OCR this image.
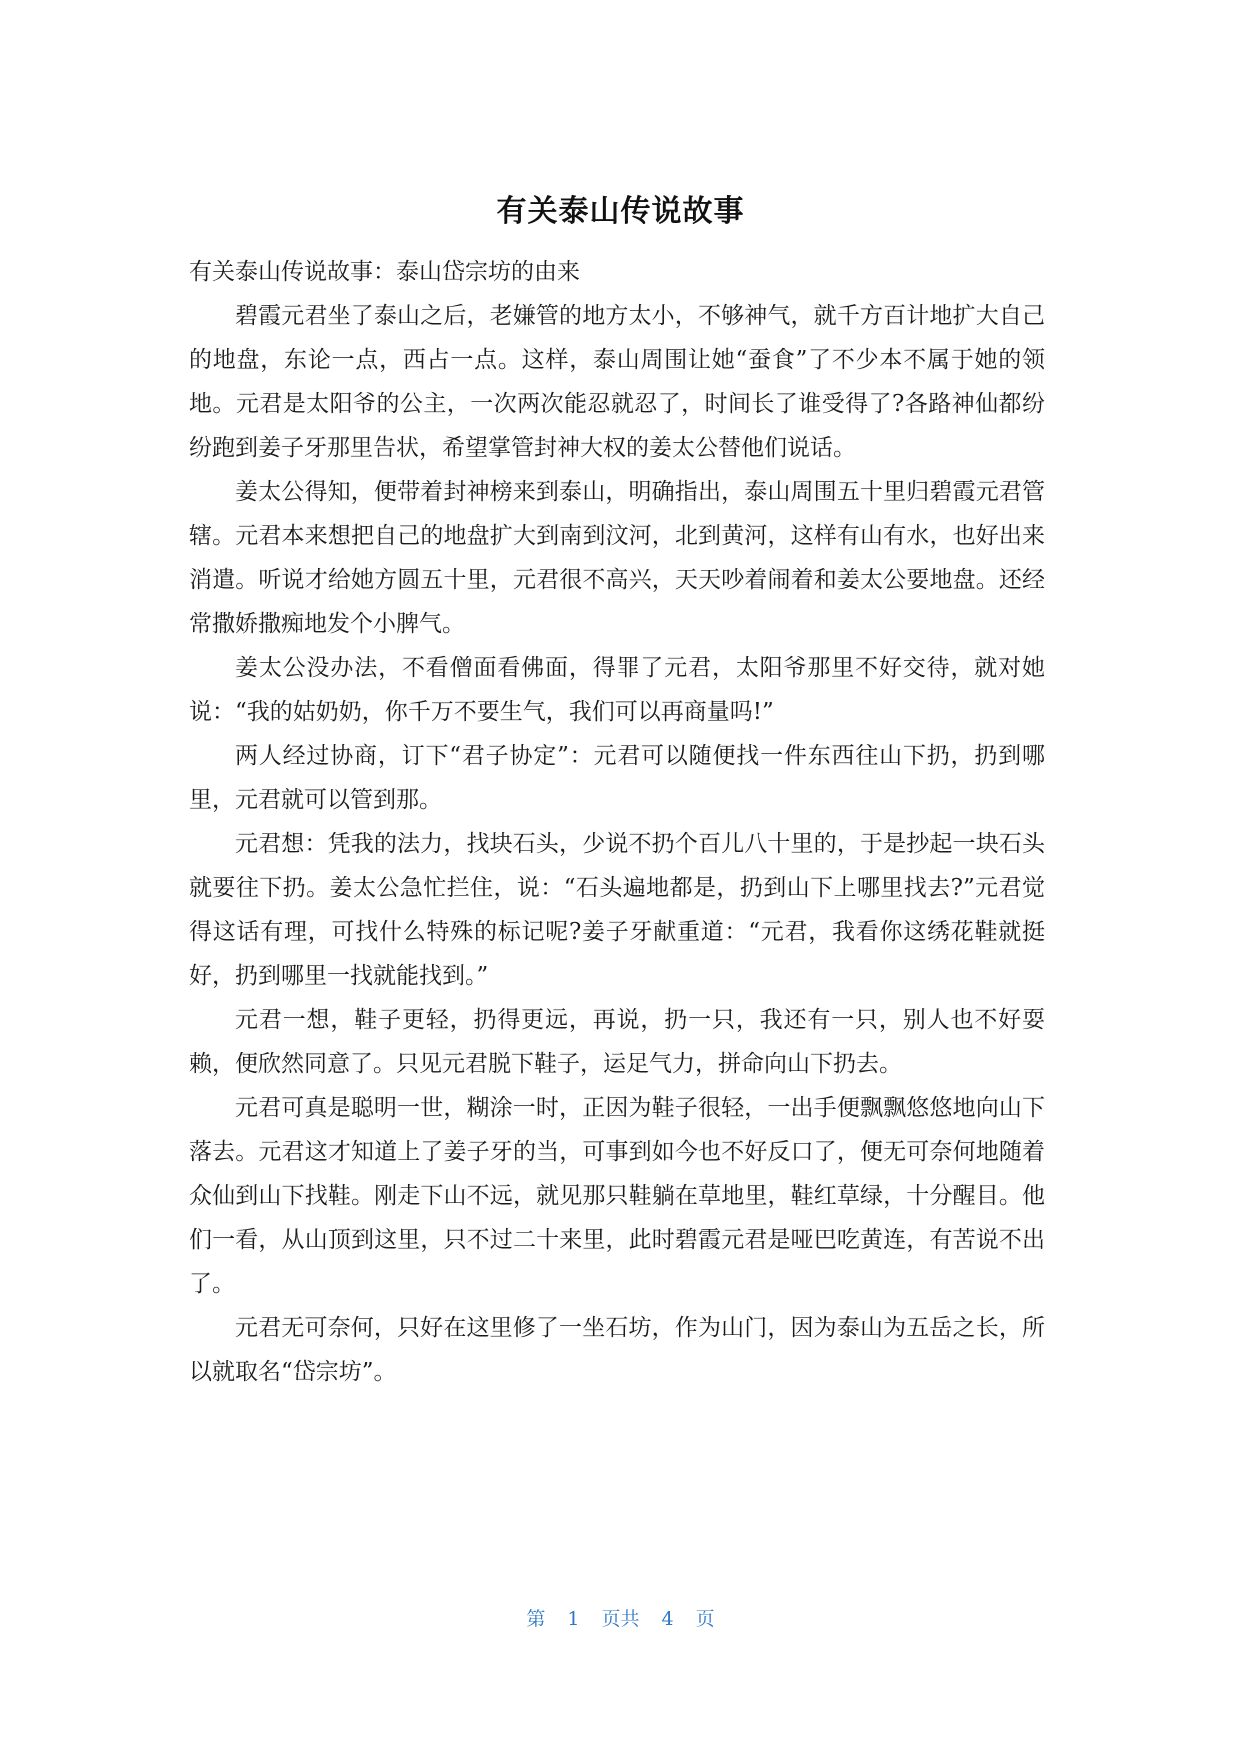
有关泰山传说故事

有关泰山传说故事：泰山岱宗坊的由来

碧霞元君坐了泰山之后，老嫌管的地方太小，不够神气，就千方百计地扩大自己的地盘，东论一点，西占一点。这样，泰山周围让她“蚕食”了不少本不属于她的领地。元君是太阳爷的公主，一次两次能忍就忍了，时间长了谁受得了?各路神仙都纷纷跑到姜子牙那里告状，希望掌管封神大权的姜太公替他们说话。

姜太公得知，便带着封神榜来到泰山，明确指出，泰山周围五十里归碧霞元君管辖。元君本来想把自己的地盘扩大到南到汶河，北到黄河，这样有山有水，也好出来消遣。听说才给她方圆五十里，元君很不高兴，天天吵着闹着和姜太公要地盘。还经常撒娇撒痴地发个小脾气。

姜太公没办法，不看僧面看佛面，得罪了元君，太阳爷那里不好交待，就对她说：“我的姑奶奶，你千万不要生气，我们可以再商量吗!”

两人经过协商，订下“君子协定”：元君可以随便找一件东西往山下扔，扔到哪里，元君就可以管到那。

元君想：凭我的法力，找块石头，少说不扔个百儿八十里的，于是抄起一块石头就要往下扔。姜太公急忙拦住，说：“石头遍地都是，扔到山下上哪里找去?”元君觉得这话有理，可找什么特殊的标记呢?姜子牙献重道：“元君，我看你这绣花鞋就挺好，扔到哪里一找就能找到。”

元君一想，鞋子更轻，扔得更远，再说，扔一只，我还有一只，别人也不好耍赖，便欣然同意了。只见元君脱下鞋子，运足气力，拼命向山下扔去。

元君可真是聪明一世，糊涂一时，正因为鞋子很轻，一出手便飘飘悠悠地向山下落去。元君这才知道上了姜子牙的当，可事到如今也不好反口了，便无可奈何地随着众仙到山下找鞋。刚走下山不远，就见那只鞋躺在草地里，鞋红草绿，十分醒目。他们一看，从山顶到这里，只不过二十来里，此时碧霞元君是哑巴吃黄连，有苦说不出了。

元君无可奈何，只好在这里修了一坐石坊，作为山门，因为泰山为五岳之长，所以就取名“岱宗坊”。

第 1 页共 4 页
